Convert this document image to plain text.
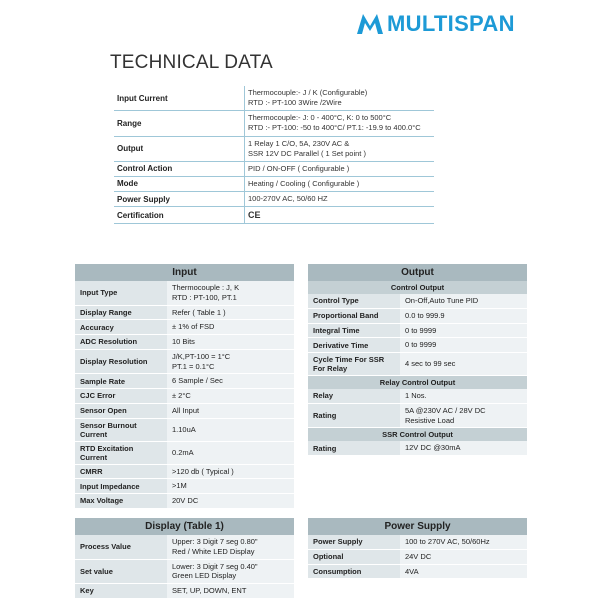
MULTISPAN
TECHNICAL DATA
Input Current	Thermocouple:- J / K (Configurable)
RTD :- PT-100 3Wire /2Wire

Range	Thermocouple:- J: 0 - 400°C, K: 0 to 500°C
RTD :- PT-100: -50 to 400°C/ PT.1: -19.9 to 400.0°C

Output	1 Relay 1 C/O, 5A, 230V AC &
SSR 12V DC Parallel ( 1 Set point )

Control Action	PID / ON-OFF ( Configurable )

Mode	Heating / Cooling ( Configurable )

Power Supply	100-270V AC, 50/60 HZ

Certification	CE
Input
Input Type	Thermocouple : J, K
RTD : PT-100, PT.1

Display Range	Refer ( Table 1 )

Accuracy	± 1% of FSD

ADC Resolution	10 Bits

Display Resolution	J/K,PT-100 = 1°C
PT.1 = 0.1°C

Sample Rate	6 Sample / Sec

CJC Error	± 2°C

Sensor Open	All Input

Sensor Burnout Current	1.10uA

RTD Excitation Current	0.2mA

CMRR	>120 db ( Typical )

Input Impedance	>1M

Max Voltage	20V DC
Output
Control Output
Control Type	On-Off,Auto Tune PID

Proportional Band	0.0 to 999.9

Integral Time	0 to 9999

Derivative Time	0 to 9999

Cycle Time For SSR For Relay	4 sec to 99 sec
Relay Control Output
Relay	1 Nos.

Rating	5A @230V AC / 28V DC
Resistive Load
SSR Control Output
Rating	12V DC @30mA
Display (Table 1)
Process Value	Upper: 3 Digit 7 seg 0.80"
Red / White LED Display

Set value	Lower: 3 Digit 7 seg 0.40"
Green LED Display

Key	SET, UP, DOWN, ENT
Power Supply
Power Supply	100 to 270V AC, 50/60Hz

Optional	24V DC

Consumption	4VA
